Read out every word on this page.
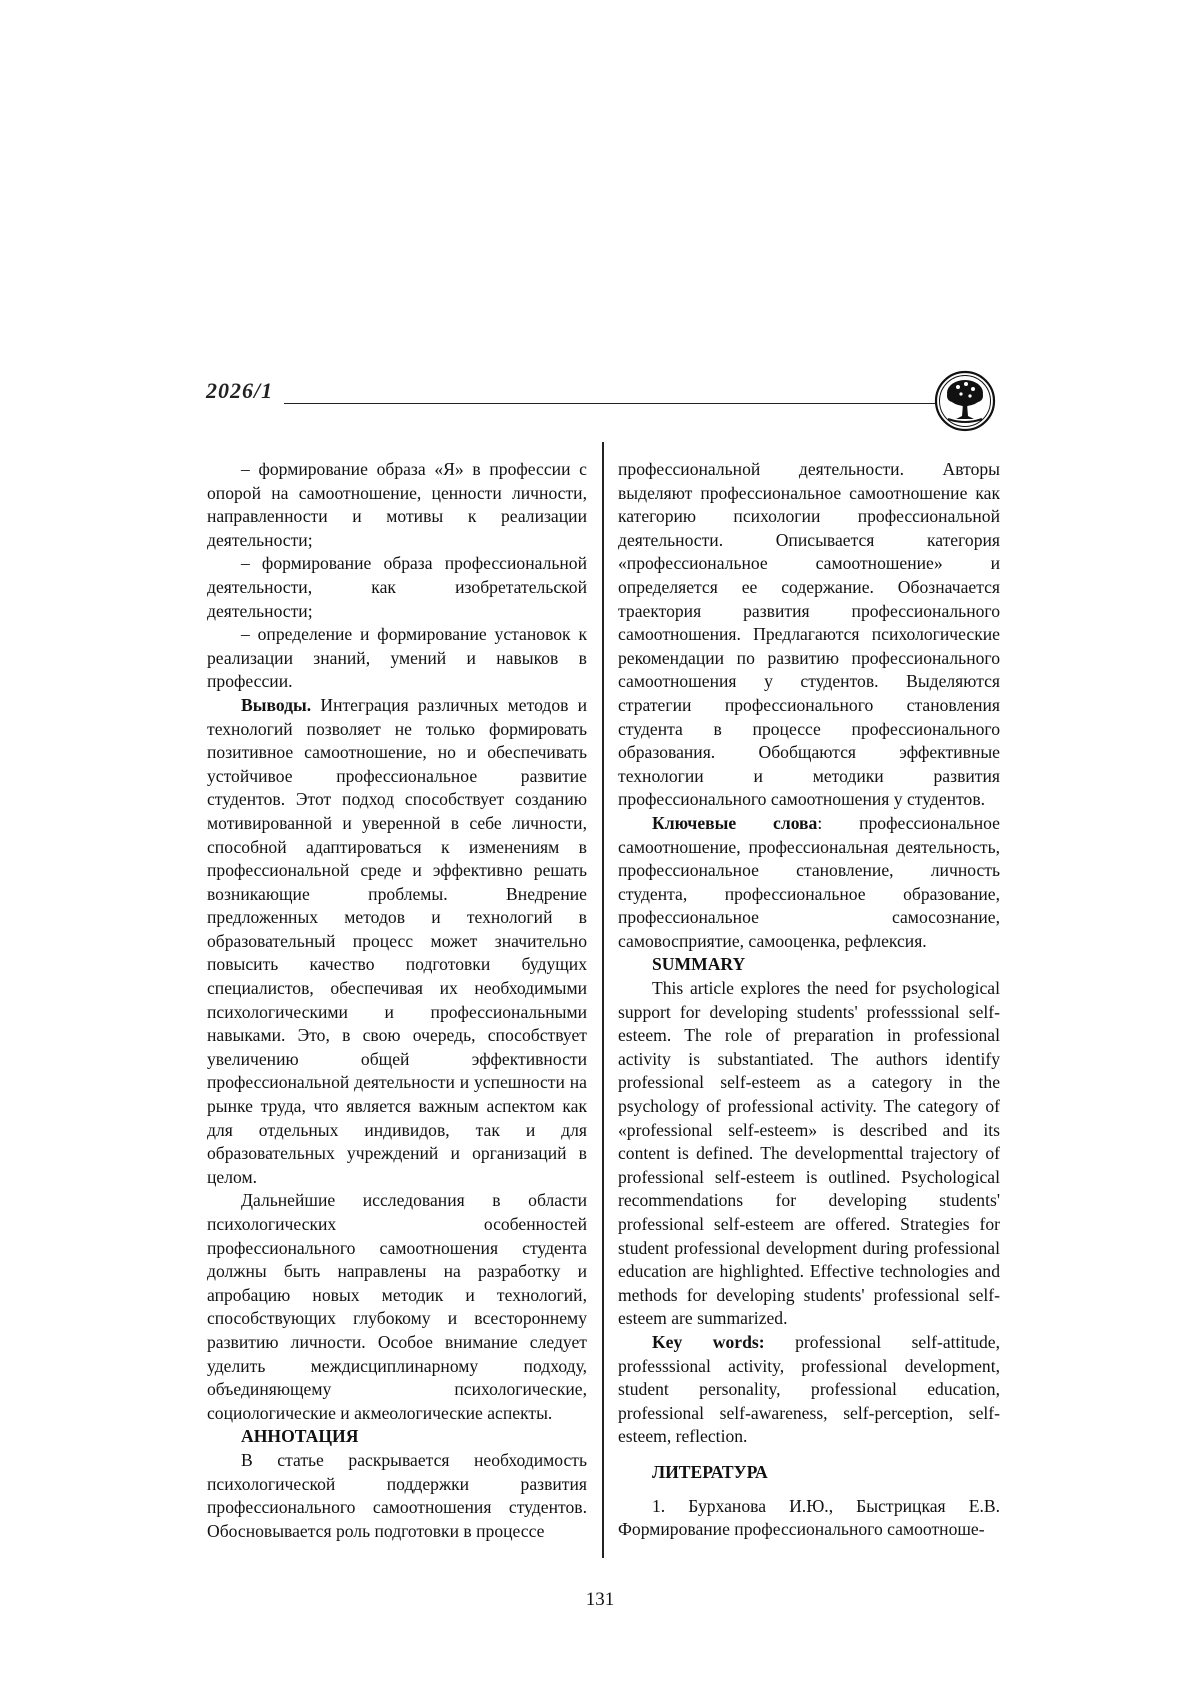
2026/1

– формирование образа «Я» в профессии с опорой на самоотношение, ценности личности, направленности и мотивы к реализации деятельности;

– формирование образа профессиональной деятельности, как изобретательской деятельности;

– определение и формирование установок к реализации знаний, умений и навыков в профессии.

Выводы. Интеграция различных методов и технологий позволяет не только формировать позитивное самоотношение, но и обеспечивать устойчивое профессиональное развитие студентов. Этот подход способствует созданию мотивированной и уверенной в себе личности, способной адаптироваться к изменениям в профессиональной среде и эффективно решать возникающие проблемы. Внедрение предложенных методов и технологий в образовательный процесс может значительно повысить качество подготовки будущих специалистов, обеспечивая их необходимыми психологическими и профессиональными навыками. Это, в свою очередь, способствует увеличению общей эффективности профессиональной деятельности и успешности на рынке труда, что является важным аспектом как для отдельных индивидов, так и для образовательных учреждений и организаций в целом.

Дальнейшие исследования в области психологических особенностей профессионального самоотношения студента должны быть направлены на разработку и апробацию новых методик и технологий, способствующих глубокому и всестороннему развитию личности. Особое внимание следует уделить междисциплинарному подходу, объединяющему психологические, социологические и акмеологические аспекты.

АННОТАЦИЯ

В статье раскрывается необходимость психологической поддержки развития профессионального самоотношения студентов. Обосновывается роль подготовки в процессе

профессиональной деятельности. Авторы выделяют профессиональное самоотношение как категорию психологии профессиональной деятельности. Описывается категория «профессиональное самоотношение» и определяется ее содержание. Обозначается траектория развития профессионального самоотношения. Предлагаются психологические рекомендации по развитию профессионального самоотношения у студентов. Выделяются стратегии профессионального становления студента в процессе профессионального образования. Обобщаются эффективные технологии и методики развития профессионального самоотношения у студентов.

Ключевые слова: профессиональное самоотношение, профессиональная деятельность, профессиональное становление, личность студента, профессиональное образование, профессиональное самосознание, самовосприятие, самооценка, рефлексия.

SUMMARY

This article explores the need for psychological support for developing students' professsional self-esteem. The role of preparation in professional activity is substantiated. The authors identify professional self-esteem as a category in the psychology of professional activity. The category of «professional self-esteem» is described and its content is defined. The developmenttal trajectory of professional self-esteem is outlined. Psychological recommendations for developing students' professional self-esteem are offered. Strategies for student professional development during professional education are highlighted. Effective technologies and methods for developing students' professional self-esteem are summarized.

Key words: professional self-attitude, professsional activity, professional development, student personality, professional education, professional self-awareness, self-perception, self-esteem, reflection.

ЛИТЕРАТУРА

1. Бурханова И.Ю., Быстрицкая Е.В. Формирование профессионального самоотноше-

131
